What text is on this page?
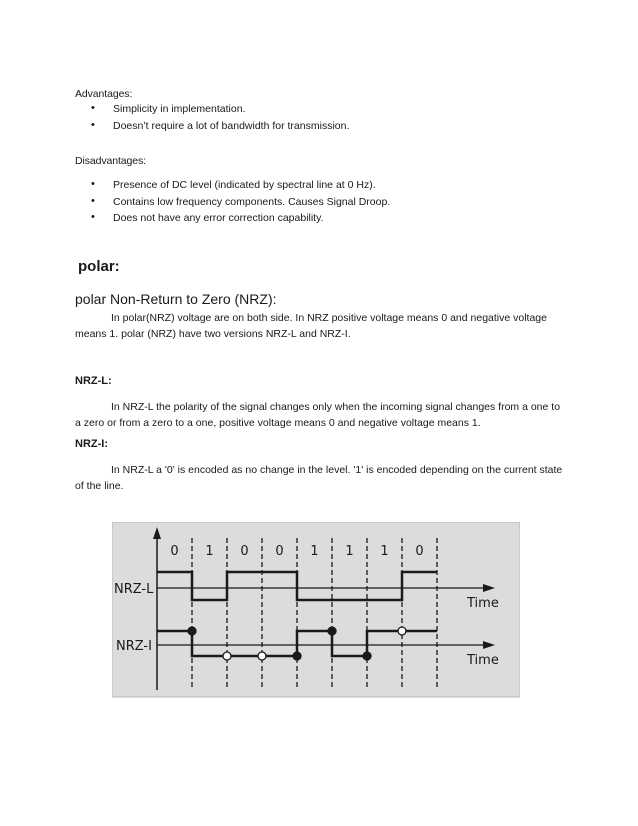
Advantages:
• Simplicity in implementation.
• Doesn’t require a lot of bandwidth for transmission.
Disadvantages:
• Presence of DC level (indicated by spectral line at 0 Hz).
• Contains low frequency components. Causes Signal Droop.
• Does not have any error correction capability.
polar:
polar Non-Return to Zero (NRZ):
In polar(NRZ) voltage are on both side. In NRZ positive voltage means 0 and negative voltage
means 1. polar (NRZ) have two versions NRZ-L and NRZ-I.
NRZ-L:
In NRZ-L the polarity of the signal changes only when the incoming signal changes from a one to
a zero or from a zero to a one, positive voltage means 0 and negative voltage means 1.
NRZ-I:
In NRZ-L a '0' is encoded as no change in the level. '1' is encoded depending on the current state
of the line.
0 1 0 0 1 1 1 0
NRZ-L
NRZ-I
Time
Time
